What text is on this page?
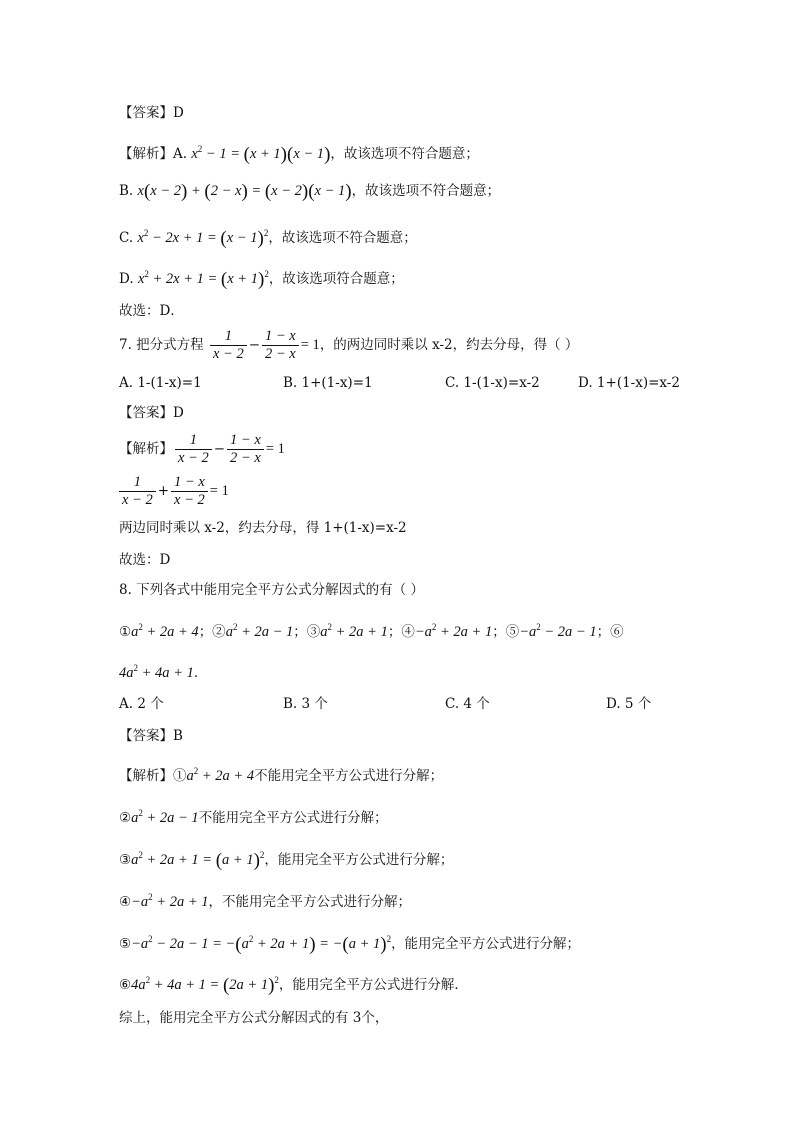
【答案】D
【解析】A. $x^2 - 1 = (x + 1)(x - 1)$，故该选项不符合题意；
B. x(x − 2) + (2 − x) = (x − 2)(x − 1)，故该选项不符合题意；
C. $x^2 - 2x + 1 = (x - 1)^2$，故该选项不符合题意；
D. $x^2 + 2x + 1 = (x + 1)^2$，故该选项符合题意；
故选：D．
7. 把分式方程 $\frac{1}{x - 2} - \frac{1 - x}{2 - x} = 1$，的两边同时乘以 x-2，约去分母，得（ ）
A. 1-(1-x)=1	B. 1+(1-x)=1	C. 1-(1-x)=x-2	D. 1+(1-x)=x-2
【答案】D
【解析】 $\frac{1}{x - 2} - \frac{1 - x}{2 - x} = 1$
$\frac{1}{x - 2} + \frac{1 - x}{x - 2} = 1$
两边同时乘以 x-2，约去分母，得 1+(1-x)=x-2
故选：D
8. 下列各式中能用完全平方公式分解因式的有（ ）
$①a^2 + 2a + 4$；$②a^2 + 2a - 1$；$③a^2 + 2a + 1$；$④-a^2 + 2a + 1$；$⑤-a^2 - 2a - 1$；⑥
$4a^2 + 4a + 1$．
A. 2 个	B. 3 个	C. 4 个	D. 5 个
【答案】B
【解析】$①a^2 + 2a + 4$不能用完全平方公式进行分解；
$②a^2 + 2a - 1$不能用完全平方公式进行分解；
$③a^2 + 2a + 1 = (a + 1)^2$，能用完全平方公式进行分解；
$④-a^2 + 2a + 1$，不能用完全平方公式进行分解；
$⑤-a^2 - 2a - 1 = -(a^2 + 2a + 1) = -(a + 1)^2$，能用完全平方公式进行分解；
$⑥4a^2 + 4a + 1 = (2a + 1)^2$，能用完全平方公式进行分解．
综上，能用完全平方公式分解因式的有 3个，
